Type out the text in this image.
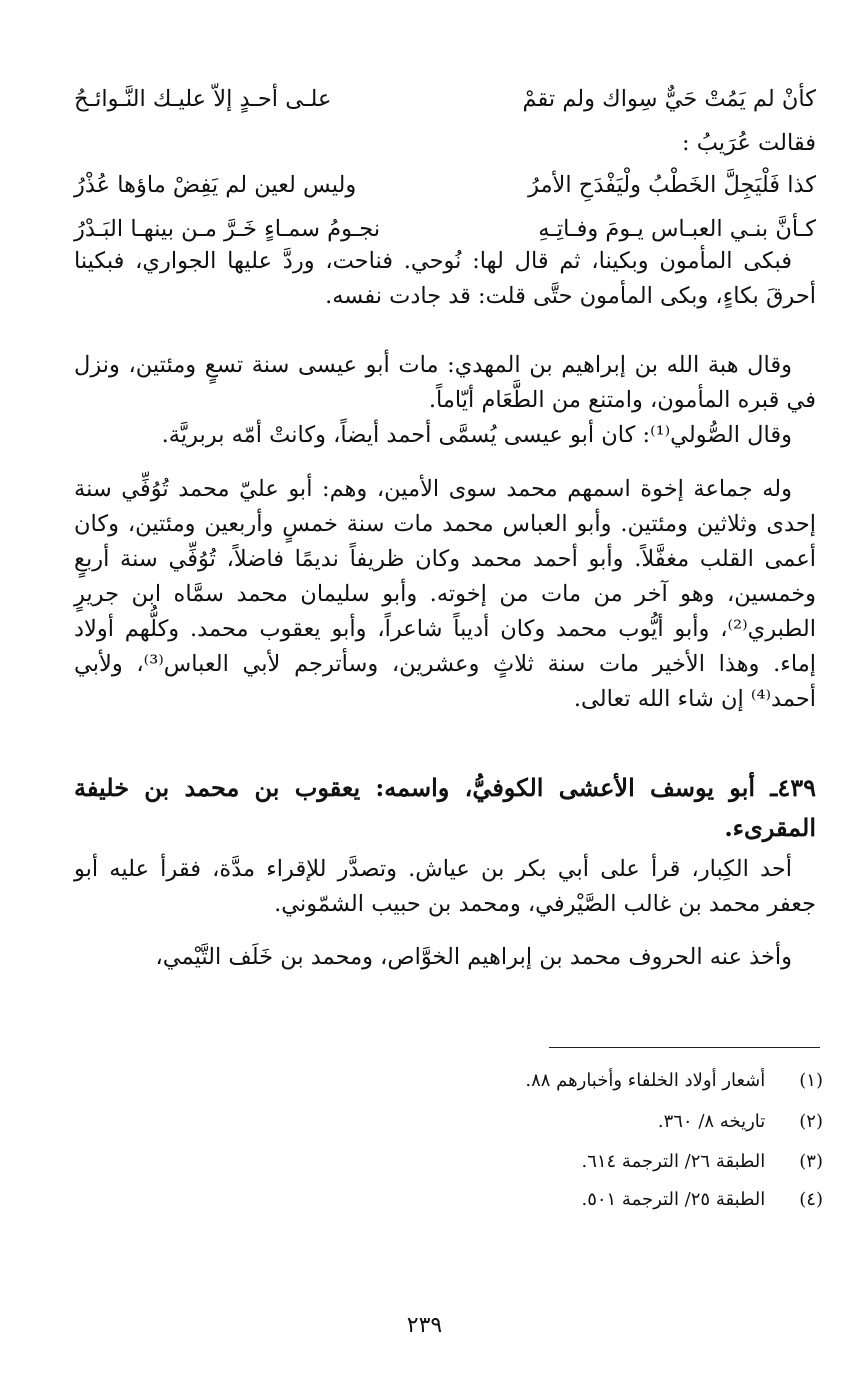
كأنْ لم يَمُتْ حَيٌّ سِواك ولم تقمْ
علـى أحـدٍ إلاّ عليـك النَّـوائـحُ
فقالت عُرَيبُ :
كذا فَلْيَجِلَّ الخَطْبُ ولْيَفْدَحِ الأمرُ
وليس لعين لم يَفِضْ ماؤها عُذْرُ
كـأنَّ بنـي العبـاس يـومَ وفـاتِـهِ
نجـومُ سمـاءٍ خَـرَّ مـن بينهـا البَـدْرُ

فبكى المأمون وبكينا، ثم قال لها: نُوحي. فناحت، وردَّ عليها الجواري، فبكينا أحرقَ بكاءٍ، وبكى المأمون حتَّى قلت: قد جادت نفسه.

وقال هبة الله بن إبراهيم بن المهدي: مات أبو عيسى سنة تسعٍ ومئتين، ونزل في قبره المأمون، وامتنع من الطَّعَام أيّاماً.

وقال الصُّولي⁽¹⁾: كان أبو عيسى يُسمَّى أحمد أيضاً، وكانتْ أمّه بربريَّة.

وله جماعة إخوة اسمهم محمد سوى الأمين، وهم: أبو عليّ محمد تُوُفِّي سنة إحدى وثلاثين ومئتين. وأبو العباس محمد مات سنة خمسٍ وأربعين ومئتين، وكان أعمى القلب مغفَّلاً. وأبو أحمد محمد وكان ظريفاً نديمًا فاضلاً، تُوُفِّي سنة أربعٍ وخمسين، وهو آخر من مات من إخوته. وأبو سليمان محمد سمَّاه ابن جريرٍ الطبري⁽²⁾، وأبو أيُّوب محمد وكان أديباً شاعراً، وأبو يعقوب محمد. وكلُّهم أولاد إماء. وهذا الأخير مات سنة ثلاثٍ وعشرين، وسأترجم لأبي العباس⁽³⁾، ولأبي أحمد⁽⁴⁾ إن شاء الله تعالى.

٤٣٩ـ أبو يوسف الأعشى الكوفيُّ، واسمه: يعقوب بن محمد بن خليفة المقرىء.

أحد الكِبار، قرأ على أبي بكر بن عياش. وتصدَّر للإقراء مدَّة، فقرأ عليه أبو جعفر محمد بن غالب الصَّيْرفي، ومحمد بن حبيب الشمّوني.

وأخذ عنه الحروف محمد بن إبراهيم الخوَّاص، ومحمد بن خَلَف التَّيْمي،

(١) أشعار أولاد الخلفاء وأخبارهم ٨٨.
(٢) تاريخه ٨/ ٣٦٠.
(٣) الطبقة ٢٦/ الترجمة ٦١٤.
(٤) الطبقة ٢٥/ الترجمة ٥٠١.
٢٣٩
